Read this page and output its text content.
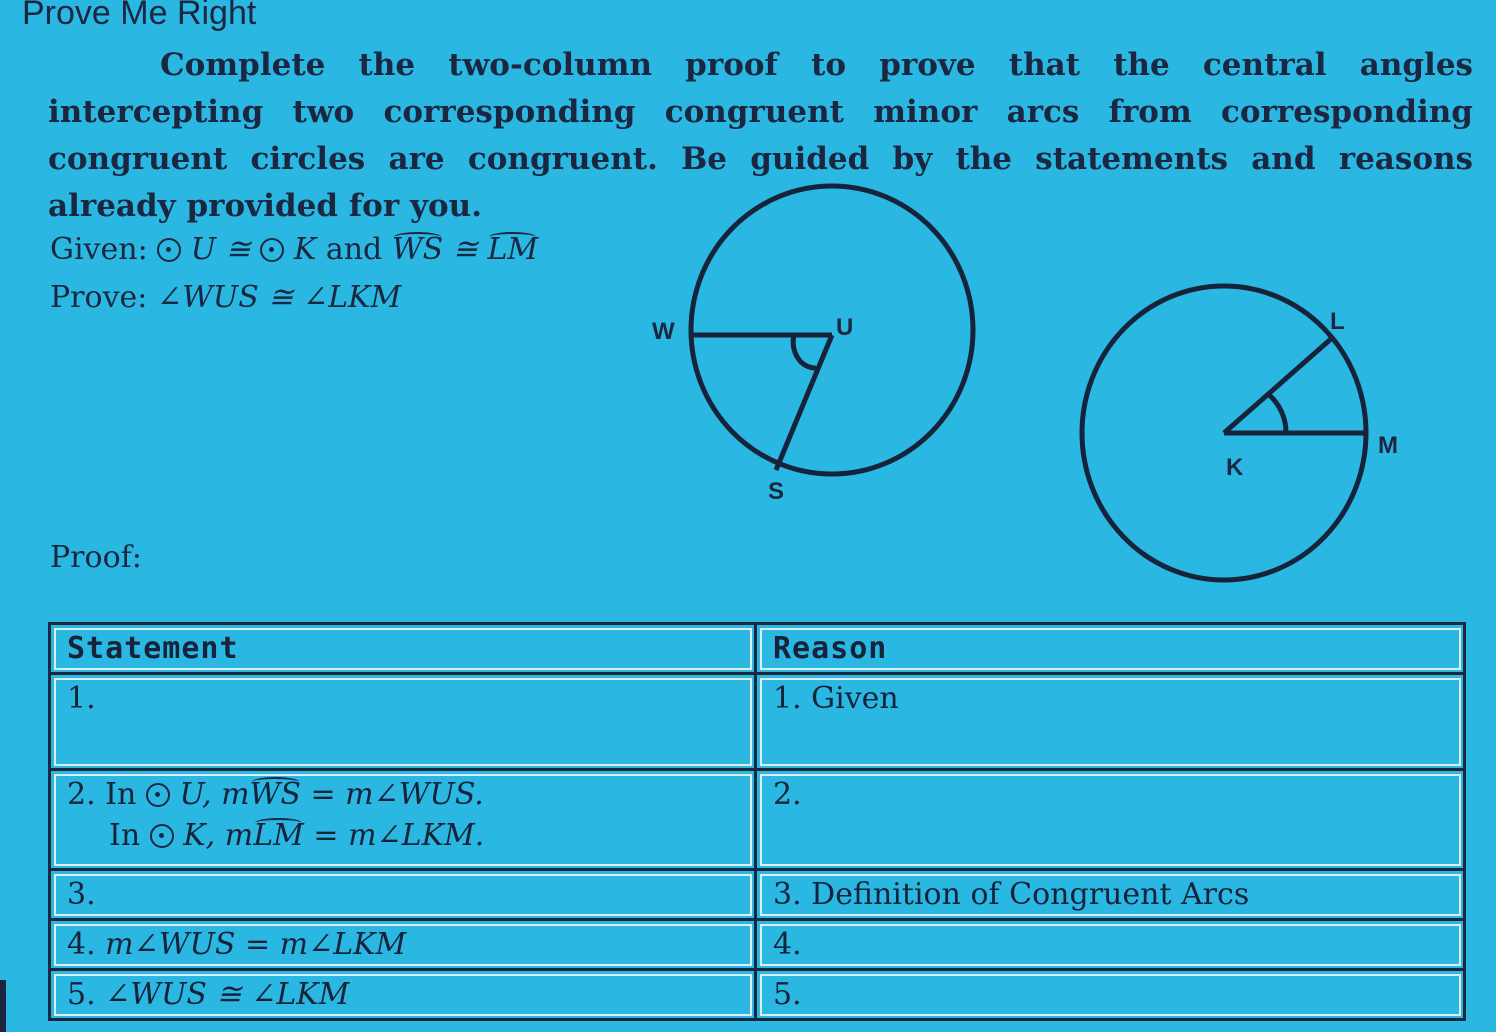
Prove Me Right
Complete the two-column proof to prove that the central angles intercepting two corresponding congruent minor arcs from corresponding congruent circles are congruent. Be guided by the statements and reasons already provided for you.
Given: U ≅ K and WS ≅ LM
Prove: ∠WUS ≅ ∠LKM
W	U
S
L
K
M
Proof:
Statement	Reason
1.	1. Given
2. In U, mWS = m∠WUS.
In K, mLM = m∠LKM.	2.
3.	3. Definition of Congruent Arcs
4. m∠WUS = m∠LKM	4.
5. ∠WUS ≅ ∠LKM	5.
